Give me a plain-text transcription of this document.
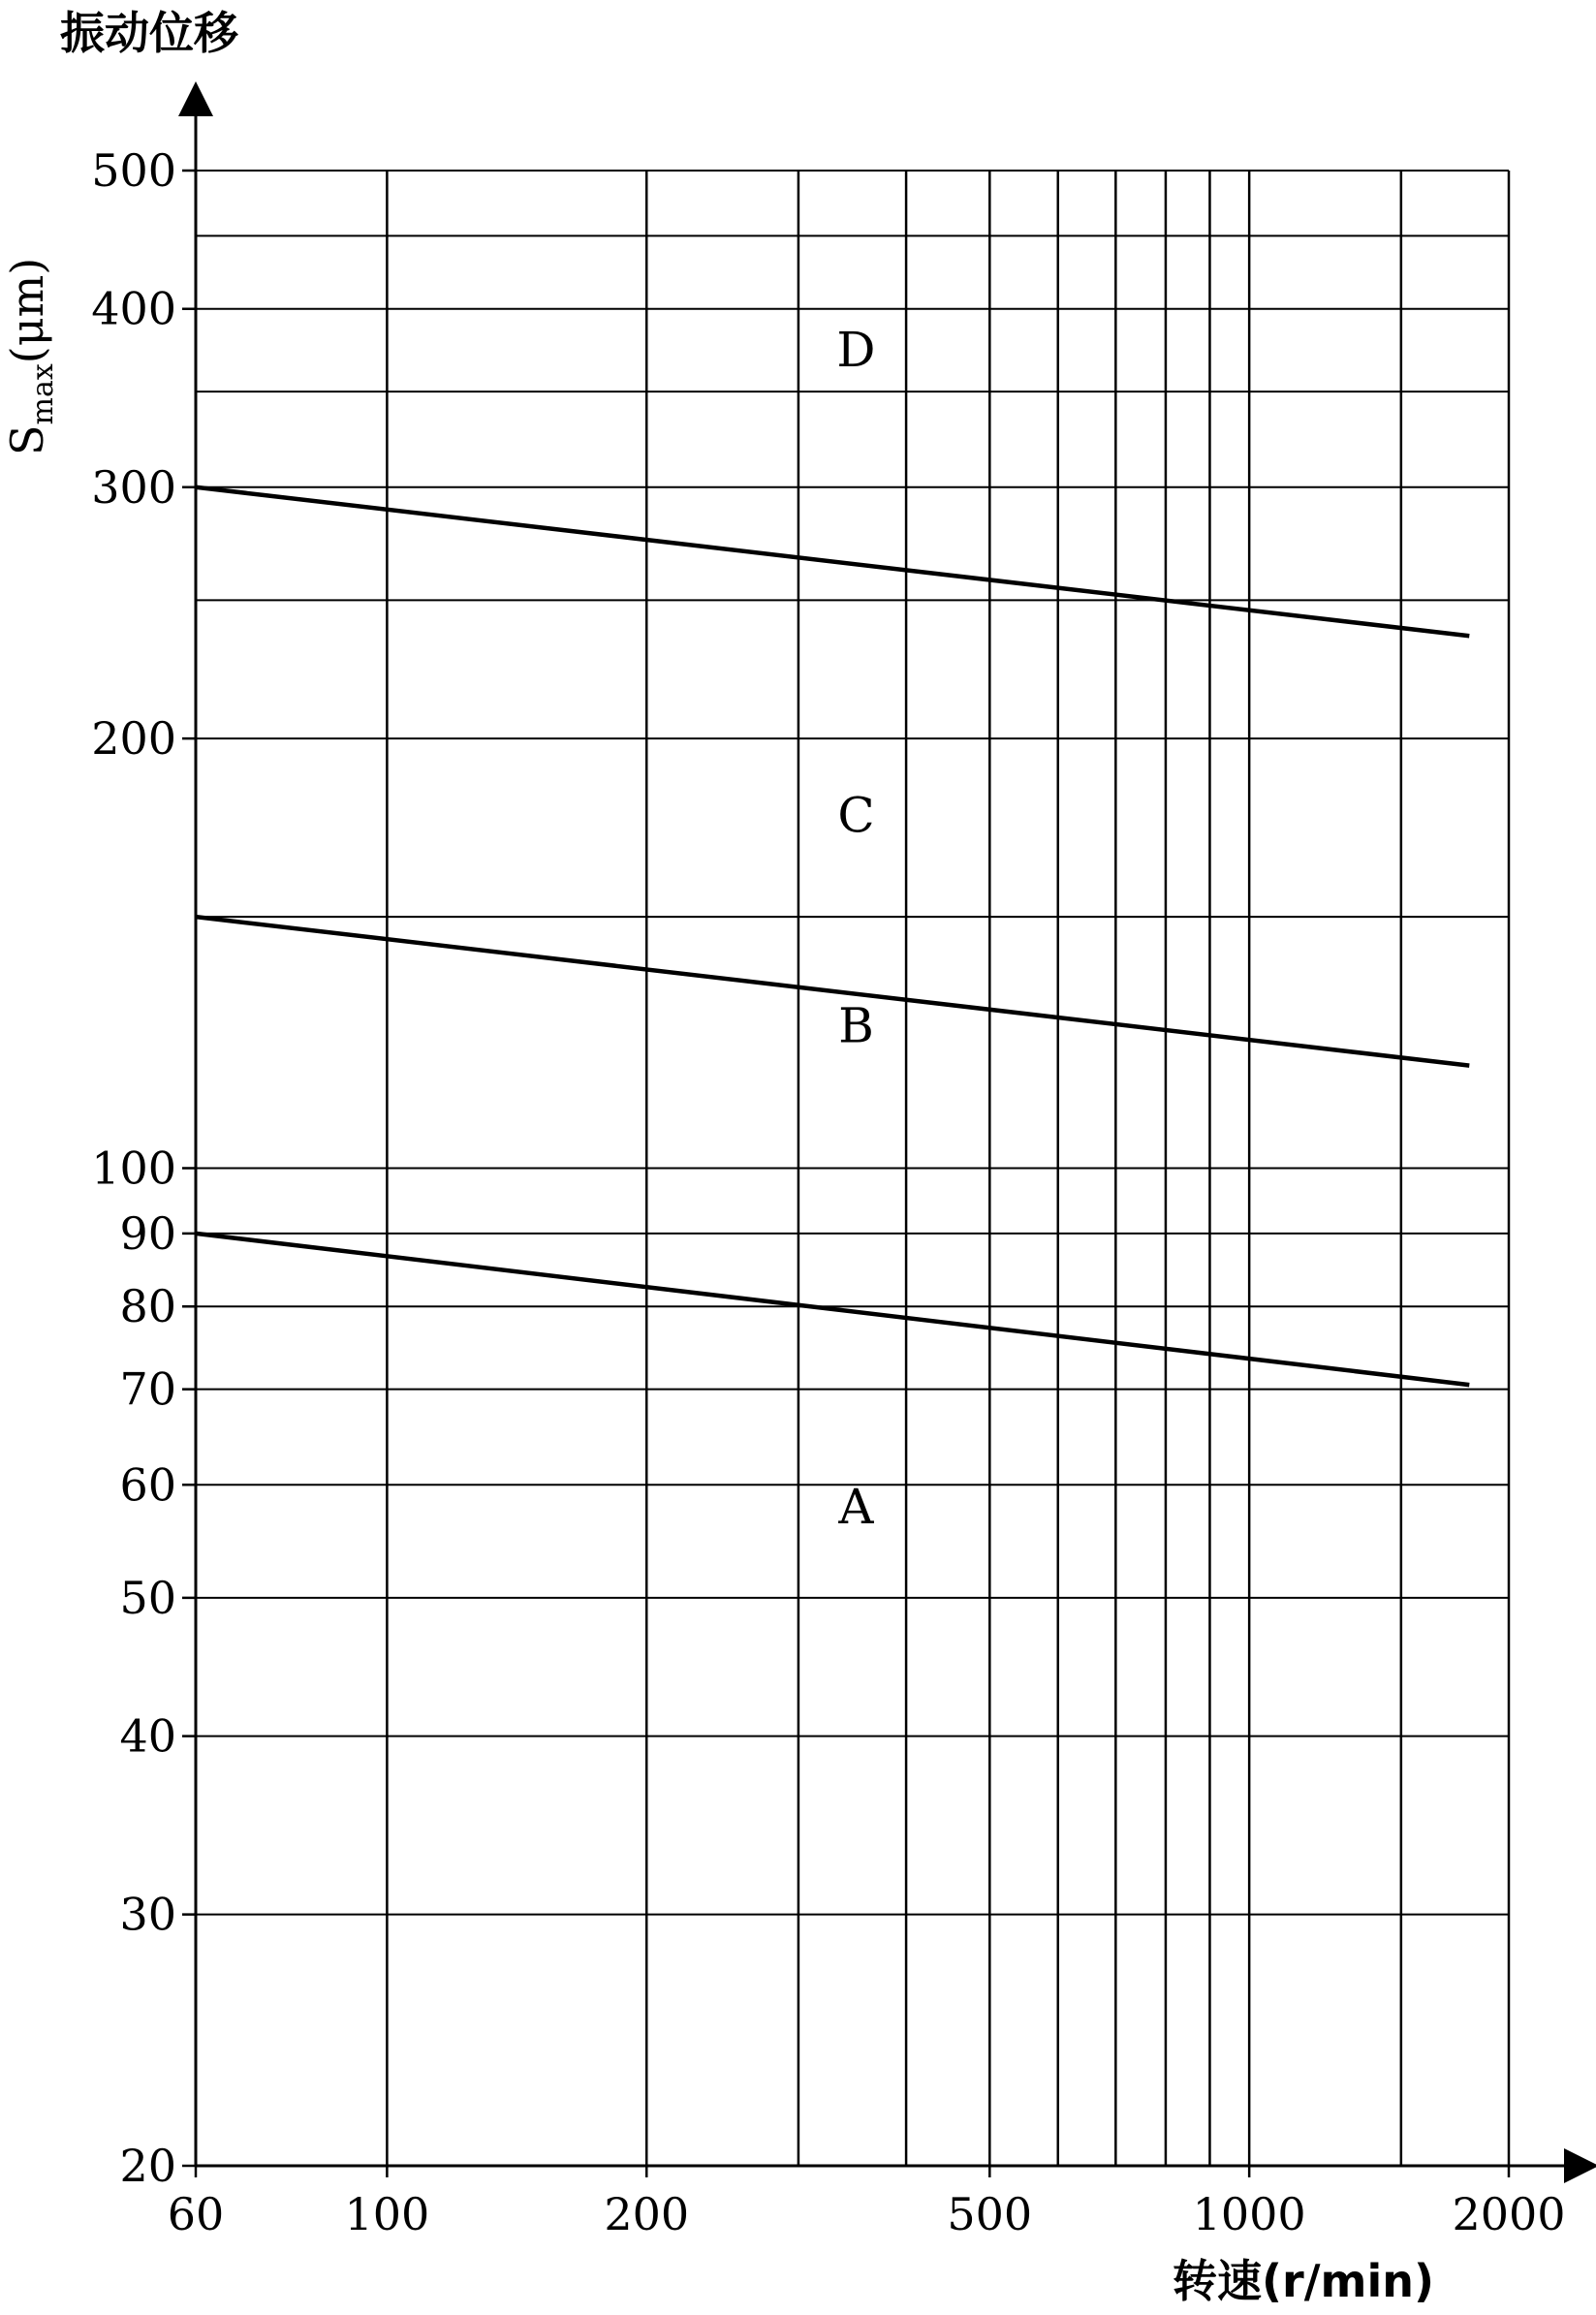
20
30
40
50
60
70
80
90
100
200
300
400
500
60	100	200	500	1000	2000
A
B
C
D
振动位移
转速(r/min)
$S_{max}(\mu m)$
